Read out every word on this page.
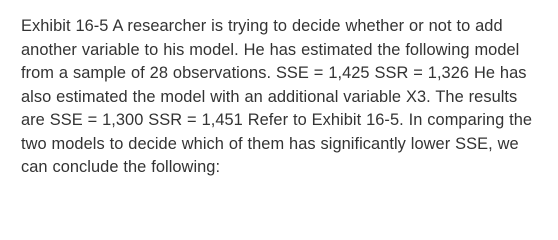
Exhibit 16-5 A researcher is trying to decide whether or not to add another variable to his model. He has estimated the following model from a sample of 28 observations. SSE = 1,425 SSR = 1,326 He has also estimated the model with an additional variable X3. The results are SSE = 1,300 SSR = 1,451 Refer to Exhibit 16-5. In comparing the two models to decide which of them has significantly lower SSE, we can conclude the following:
